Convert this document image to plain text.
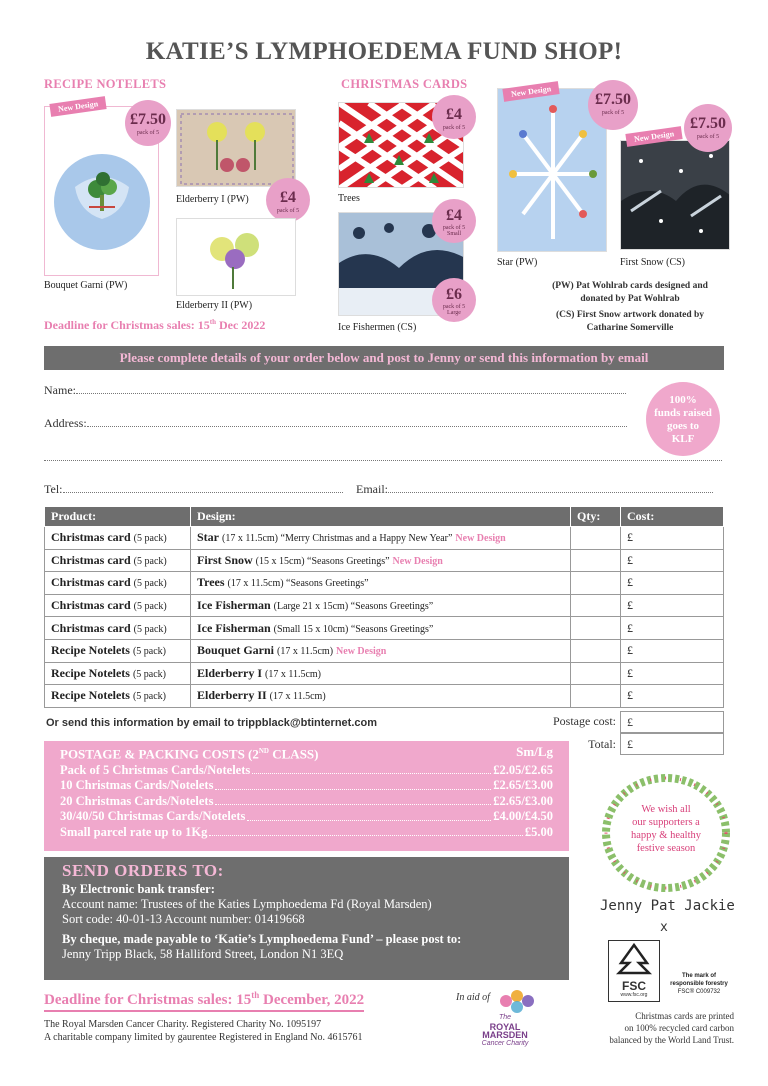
KATIE’S LYMPHOEDEMA FUND SHOP!
RECIPE NOTELETS	CHRISTMAS CARDS
New Design
£7.50
pack of 5
Bouquet Garni (PW)
Elderberry I (PW)	£4
pack of 5
Elderberry II (PW)
Trees
£4
pack of 5
Ice Fishermen (CS)
£4
pack of 5 Small
£6
pack of 5 Large
New Design	£7.50
pack of 5
Star (PW)
New Design
£7.50
pack of 5
First Snow (CS)
(PW) Pat Wohlrab cards designed and
donated by Pat Wohlrab
(CS) First Snow artwork donated by
Catharine Somerville
Deadline for Christmas sales: 15th Dec 2022
Please complete details of your order below and post to Jenny or send this information by email
Name:
Address:
Tel:	Email:
100%
funds raised
goes to
KLF
Product:	Design:	Qty:	Cost:
Christmas card (5 pack)	Star (17 x 11.5cm) “Merry Christmas and a Happy New Year” New Design		£
Christmas card (5 pack)	First Snow (15 x 15cm) “Seasons Greetings” New Design		£
Christmas card (5 pack)	Trees (17 x 11.5cm) “Seasons Greetings”		£
Christmas card (5 pack)	Ice Fisherman (Large 21 x 15cm) “Seasons Greetings”		£
Christmas card (5 pack)	Ice Fisherman (Small 15 x 10cm) “Seasons Greetings”		£
Recipe Notelets (5 pack)	Bouquet Garni (17 x 11.5cm) New Design		£
Recipe Notelets (5 pack)	Elderberry I (17 x 11.5cm)		£
Recipe Notelets (5 pack)	Elderberry II (17 x 11.5cm)		£
Or send this information by email to trippblack@btinternet.com	Postage cost: £
Total: £
POSTAGE & PACKING COSTS (2ND CLASS)	Sm/Lg
Pack of 5 Christmas Cards/Notelets	£2.05/£2.65
10 Christmas Cards/Notelets	£2.65/£3.00
20 Christmas Cards/Notelets	£2.65/£3.00
30/40/50 Christmas Cards/Notelets	£4.00/£4.50
Small parcel rate up to 1Kg	£5.00
SEND ORDERS TO:
By Electronic bank transfer:
Account name: Trustees of the Katies Lymphoedema Fd (Royal Marsden)
Sort code: 40-01-13 Account number: 01419668
By cheque, made payable to ‘Katie’s Lymphoedema Fund’ – please post to:
Jenny Tripp Black, 58 Halliford Street, London N1 3EQ
We wish all
our supporters a
happy & healthy
festive season
Jenny Pat Jackie
x
Deadline for Christmas sales: 15th December, 2022
The Royal Marsden Cancer Charity. Registered Charity No. 1095197
A charitable company limited by gaurentee Registered in England No. 4615761
In aid of
The
ROYAL
MARSDEN
Cancer Charity
FSC
www.fsc.org
The mark of
responsible forestry
FSC® C009732
Christmas cards are printed
on 100% recycled card carbon
balanced by the World Land Trust.
